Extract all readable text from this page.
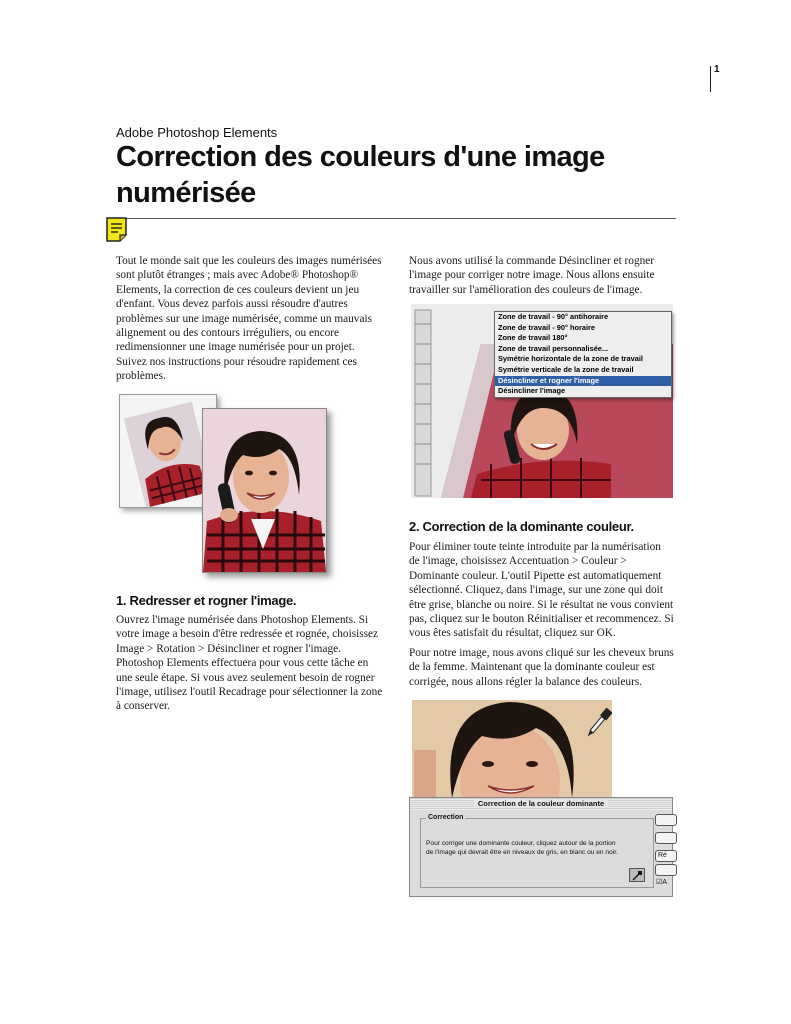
1
Adobe Photoshop Elements
Correction des couleurs d'une image
numérisée
Tout le monde sait que les couleurs des images numérisées
sont plutôt étranges ; mais avec Adobe® Photoshop®
Elements, la correction de ces couleurs devient un jeu
d'enfant. Vous devez parfois aussi résoudre d'autres
problèmes sur une image numérisée, comme un mauvais
alignement ou des contours irréguliers, ou encore
redimensionner une image numérisée pour un projet.
Suivez nos instructions pour résoudre rapidement ces
problèmes.
1. Redresser et rogner l'image.
Ouvrez l'image numérisée dans Photoshop Elements. Si
votre image a besoin d'être redressée et rognée, choisissez
Image > Rotation > Désincliner et rogner l'image.
Photoshop Elements effectuera pour vous cette tâche en
une seule étape. Si vous avez seulement besoin de rogner
l'image, utilisez l'outil Recadrage pour sélectionner la zone
à conserver.
Nous avons utilisé la commande Désincliner et rogner
l'image pour corriger notre image. Nous allons ensuite
travailler sur l'amélioration des couleurs de l'image.
Zone de travail - 90° antihoraire
Zone de travail - 90° horaire
Zone de travail 180°
Zone de travail personnalisée...
Symétrie horizontale de la zone de travail
Symétrie verticale de la zone de travail
Désincliner et rogner l'image
Désincliner l'image
2. Correction de la dominante couleur.
Pour éliminer toute teinte introduite par la numérisation
de l'image, choisissez Accentuation > Couleur >
Dominante couleur. L'outil Pipette est automatiquement
sélectionné. Cliquez, dans l'image, sur une zone qui doit
être grise, blanche ou noire. Si le résultat ne vous convient
pas, cliquez sur le bouton Réinitialiser et recommencez. Si
vous êtes satisfait du résultat, cliquez sur OK.
Pour notre image, nous avons cliqué sur les cheveux bruns
de la femme. Maintenant que la dominante couleur est
corrigée, nous allons régler la balance des couleurs.
Correction de la couleur dominante
Correction
Pour corriger une dominante couleur, cliquez autour de la portion
de l'image qui devrait être en niveaux de gris, en blanc ou en noir.	Ré
☑A
